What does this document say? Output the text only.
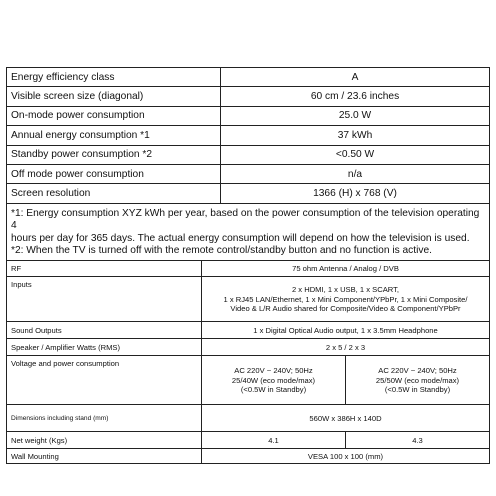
Energy efficiency class	A
Visible screen size (diagonal)	60 cm / 23.6 inches
On-mode power consumption	25.0 W
Annual energy consumption *1	37 kWh
Standby power consumption *2	<0.50 W
Off mode power consumption	n/a
Screen resolution	1366 (H) x 768 (V)
*1: Energy consumption XYZ kWh per year, based on the power consumption of the television operating 4
hours per day for 365 days. The actual energy consumption will depend on how the television is used.
*2: When the TV is turned off with the remote control/standby button and no function is active.
RF	75 ohm Antenna / Analog / DVB	
Inputs	2 x HDMI, 1 x USB, 1 x SCART,
1 x RJ45 LAN/Ethernet, 1 x Mini Component/YPbPr, 1 x Mini Composite/
Video & L/R Audio shared for Composite/Video & Component/YPbPr	

Sound Outputs	1 x Digital Optical Audio output, 1 x 3.5mm Headphone	
Speaker / Amplifier Watts (RMS)	2 x 5 / 2 x 3	
Voltage and power consumption	AC 220V ~ 240V; 50Hz
25/40W (eco mode/max)
(<0.5W in Standby)	AC 220V ~ 240V; 50Hz
25/50W (eco mode/max)
(<0.5W in Standby)

Dimensions including stand (mm)	560W x 386H x 140D	
Net weight (Kgs)	4.1	4.3
Wall Mounting	VESA 100 x 100 (mm)	
